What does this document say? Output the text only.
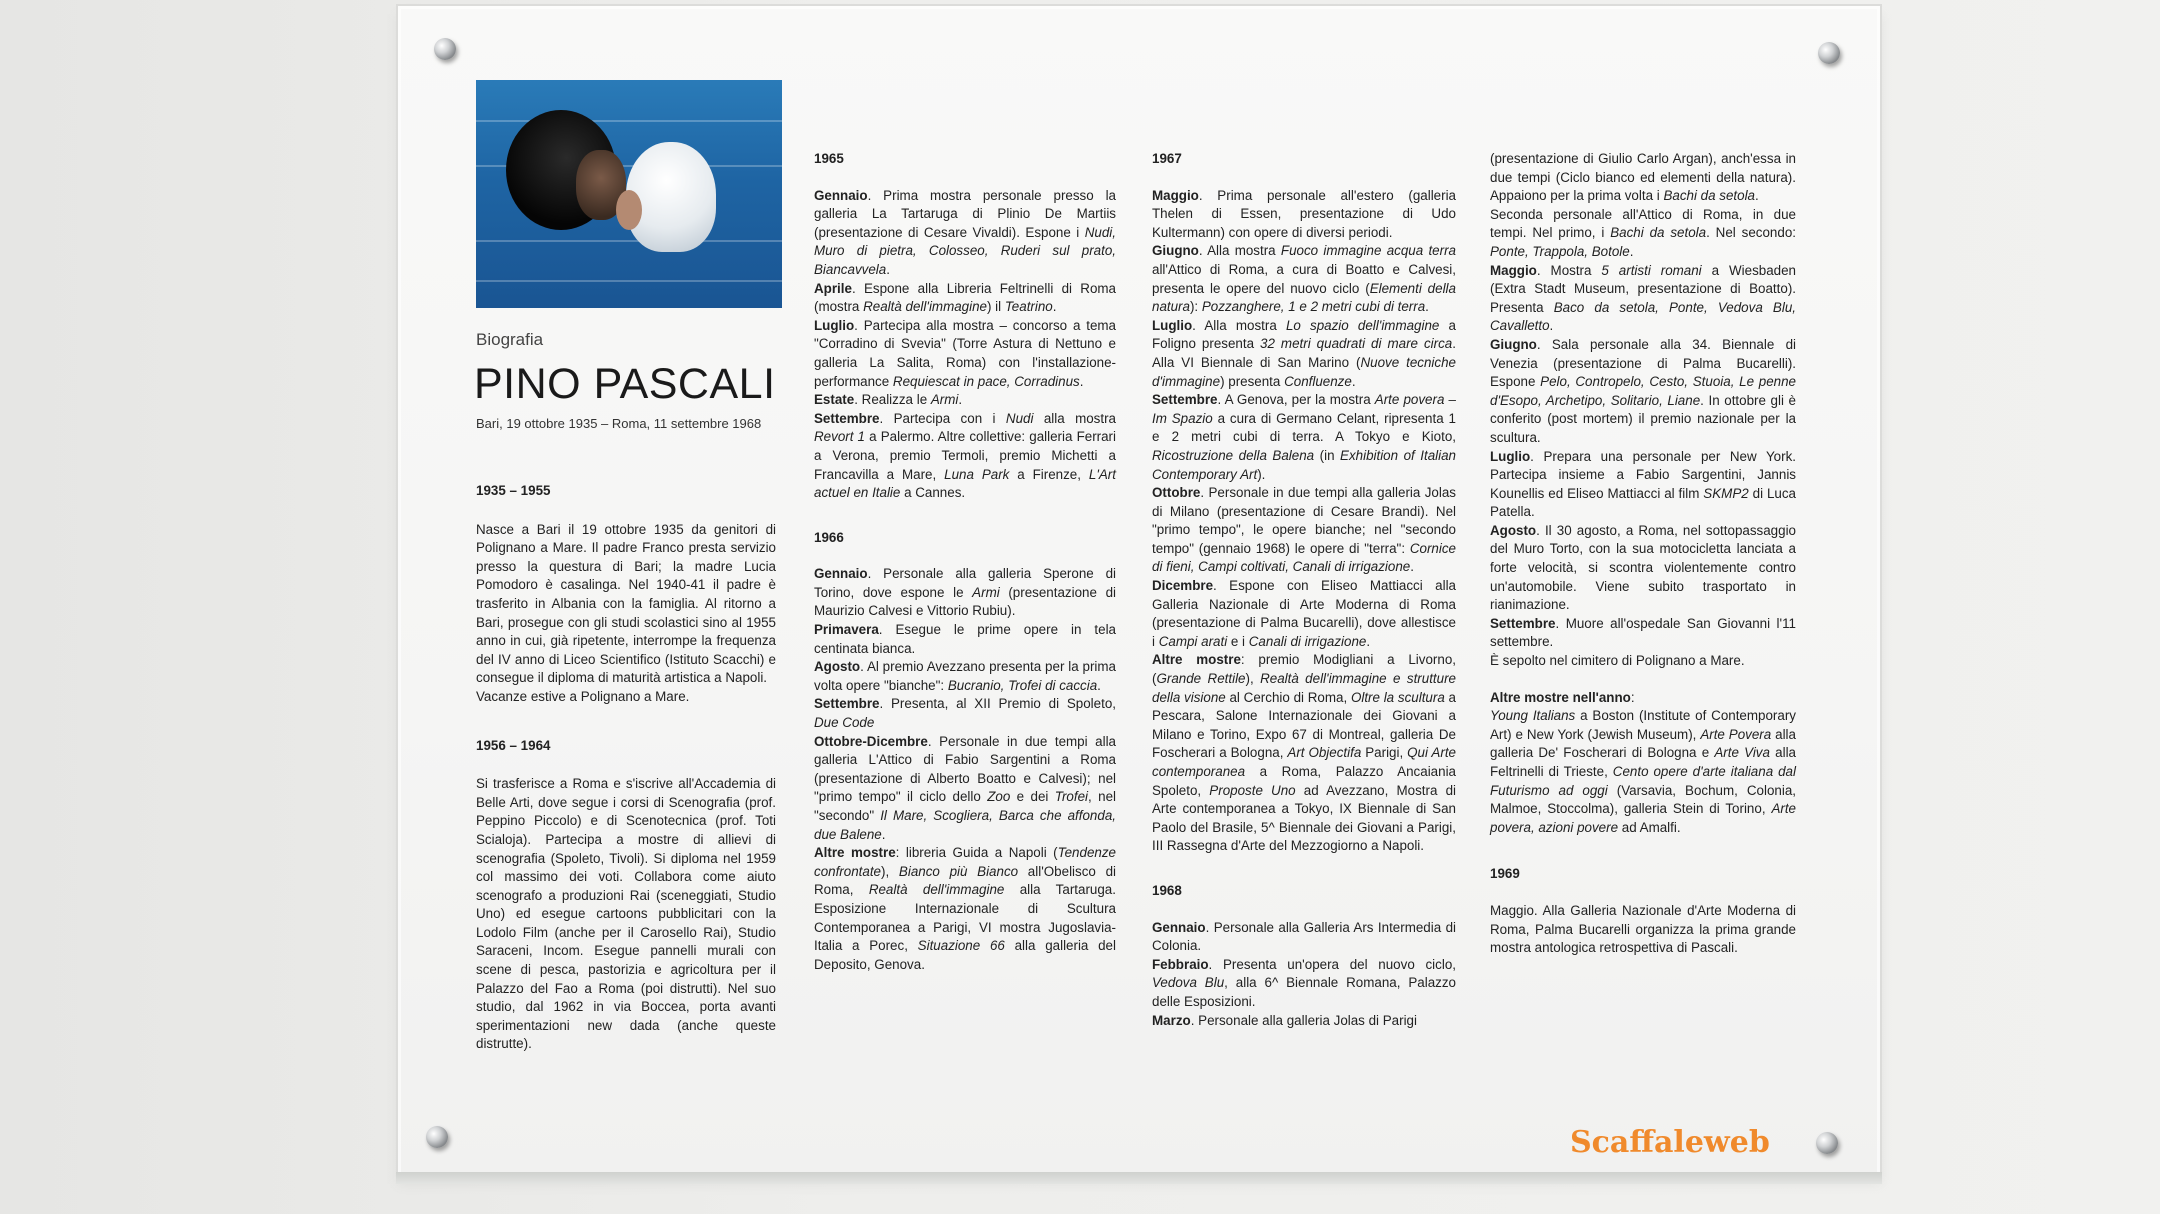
Biografia
PINO PASCALI
Bari, 19 ottobre 1935 – Roma, 11 settembre 1968
1935 – 1955

Nasce a Bari il 19 ottobre 1935 da genitori di Polignano a Mare. Il padre Franco presta servizio presso la questura di Bari; la madre Lucia Pomodoro è casalinga. Nel 1940-41 il padre è trasferito in Albania con la famiglia. Al ritorno a Bari, prosegue con gli studi scolastici sino al 1955 anno in cui, già ripetente, interrompe la frequenza del IV anno di Liceo Scientifico (Istituto Scacchi) e consegue il diploma di maturità artistica a Napoli.

Vacanze estive a Polignano a Mare.

1956 – 1964

Si trasferisce a Roma e s'iscrive all'Accademia di Belle Arti, dove segue i corsi di Scenografia (prof. Peppino Piccolo) e di Scenotecnica (prof. Toti Scialoja). Partecipa a mostre di allievi di scenografia (Spoleto, Tivoli). Si diploma nel 1959 col massimo dei voti. Collabora come aiuto scenografo a produzioni Rai (sceneggiati, Studio Uno) ed esegue cartoons pubblicitari con la Lodolo Film (anche per il Carosello Rai), Studio Saraceni, Incom. Esegue pannelli murali con scene di pesca, pastorizia e agricoltura per il Palazzo del Fao a Roma (poi distrutti). Nel suo studio, dal 1962 in via Boccea, porta avanti sperimentazioni new dada (anche queste distrutte).

1965

Gennaio. Prima mostra personale presso la galleria La Tartaruga di Plinio De Martiis (presentazione di Cesare Vivaldi). Espone i Nudi, Muro di pietra, Colosseo, Ruderi sul prato, Biancavvela.

Aprile. Espone alla Libreria Feltrinelli di Roma (mostra Realtà dell'immagine) il Teatrino.

Luglio. Partecipa alla mostra – concorso a tema "Corradino di Svevia" (Torre Astura di Nettuno e galleria La Salita, Roma) con l'installazione-performance Requiescat in pace, Corradinus.

Estate. Realizza le Armi.

Settembre. Partecipa con i Nudi alla mostra Revort 1 a Palermo. Altre collettive: galleria Ferrari a Verona, premio Termoli, premio Michetti a Francavilla a Mare, Luna Park a Firenze, L'Art actuel en Italie a Cannes.

1966

Gennaio. Personale alla galleria Sperone di Torino, dove espone le Armi (presentazione di Maurizio Calvesi e Vittorio Rubiu).

Primavera. Esegue le prime opere in tela centinata bianca.

Agosto. Al premio Avezzano presenta per la prima volta opere "bianche": Bucranio, Trofei di caccia.

Settembre. Presenta, al XII Premio di Spoleto, Due Code

Ottobre-Dicembre. Personale in due tempi alla galleria L'Attico di Fabio Sargentini a Roma (presentazione di Alberto Boatto e Calvesi); nel "primo tempo" il ciclo dello Zoo e dei Trofei, nel "secondo" Il Mare, Scogliera, Barca che affonda, due Balene.

Altre mostre: libreria Guida a Napoli (Tendenze confrontate), Bianco più Bianco all'Obelisco di Roma, Realtà dell'immagine alla Tartaruga. Esposizione Internazionale di Scultura Contemporanea a Parigi, VI mostra Jugoslavia-Italia a Porec, Situazione 66 alla galleria del Deposito, Genova.

1967

Maggio. Prima personale all'estero (galleria Thelen di Essen, presentazione di Udo Kultermann) con opere di diversi periodi.

Giugno. Alla mostra Fuoco immagine acqua terra all'Attico di Roma, a cura di Boatto e Calvesi, presenta le opere del nuovo ciclo (Elementi della natura): Pozzanghere, 1 e 2 metri cubi di terra.

Luglio. Alla mostra Lo spazio dell'immagine a Foligno presenta 32 metri quadrati di mare circa. Alla VI Biennale di San Marino (Nuove tecniche d'immagine) presenta Confluenze.

Settembre. A Genova, per la mostra Arte povera – Im Spazio a cura di Germano Celant, ripresenta 1 e 2 metri cubi di terra. A Tokyo e Kioto, Ricostruzione della Balena (in Exhibition of Italian Contemporary Art).

Ottobre. Personale in due tempi alla galleria Jolas di Milano (presentazione di Cesare Brandi). Nel "primo tempo", le opere bianche; nel "secondo tempo" (gennaio 1968) le opere di "terra": Cornice di fieni, Campi coltivati, Canali di irrigazione.

Dicembre. Espone con Eliseo Mattiacci alla Galleria Nazionale di Arte Moderna di Roma (presentazione di Palma Bucarelli), dove allestisce i Campi arati e i Canali di irrigazione.

Altre mostre: premio Modigliani a Livorno, (Grande Rettile), Realtà dell'immagine e strutture della visione al Cerchio di Roma, Oltre la scultura a Pescara, Salone Internazionale dei Giovani a Milano e Torino, Expo 67 di Montreal, galleria De Foscherari a Bologna, Art Objectifa Parigi, Qui Arte contemporanea a Roma, Palazzo Ancaiania Spoleto, Proposte Uno ad Avezzano, Mostra di Arte contemporanea a Tokyo, IX Biennale di San Paolo del Brasile, 5^ Biennale dei Giovani a Parigi, III Rassegna d'Arte del Mezzogiorno a Napoli.

1968

Gennaio. Personale alla Galleria Ars Intermedia di Colonia.

Febbraio. Presenta un'opera del nuovo ciclo, Vedova Blu, alla 6^ Biennale Romana, Palazzo delle Esposizioni.

Marzo. Personale alla galleria Jolas di Parigi

(presentazione di Giulio Carlo Argan), anch'essa in due tempi (Ciclo bianco ed elementi della natura). Appaiono per la prima volta i Bachi da setola.

Seconda personale all'Attico di Roma, in due tempi. Nel primo, i Bachi da setola. Nel secondo: Ponte, Trappola, Botole.

Maggio. Mostra 5 artisti romani a Wiesbaden (Extra Stadt Museum, presentazione di Boatto). Presenta Baco da setola, Ponte, Vedova Blu, Cavalletto.

Giugno. Sala personale alla 34. Biennale di Venezia (presentazione di Palma Bucarelli). Espone Pelo, Contropelo, Cesto, Stuoia, Le penne d'Esopo, Archetipo, Solitario, Liane. In ottobre gli è conferito (post mortem) il premio nazionale per la scultura.

Luglio. Prepara una personale per New York. Partecipa insieme a Fabio Sargentini, Jannis Kounellis ed Eliseo Mattiacci al film SKMP2 di Luca Patella.

Agosto. Il 30 agosto, a Roma, nel sottopassaggio del Muro Torto, con la sua motocicletta lanciata a forte velocità, si scontra violentemente contro un'automobile. Viene subito trasportato in rianimazione.

Settembre. Muore all'ospedale San Giovanni l'11 settembre.

È sepolto nel cimitero di Polignano a Mare.

Altre mostre nell'anno:

Young Italians a Boston (Institute of Contemporary Art) e New York (Jewish Museum), Arte Povera alla galleria De' Foscherari di Bologna e Arte Viva alla Feltrinelli di Trieste, Cento opere d'arte italiana dal Futurismo ad oggi (Varsavia, Bochum, Colonia, Malmoe, Stoccolma), galleria Stein di Torino, Arte povera, azioni povere ad Amalfi.

1969

Maggio. Alla Galleria Nazionale d'Arte Moderna di Roma, Palma Bucarelli organizza la prima grande mostra antologica retrospettiva di Pascali.

Scaffaleweb
